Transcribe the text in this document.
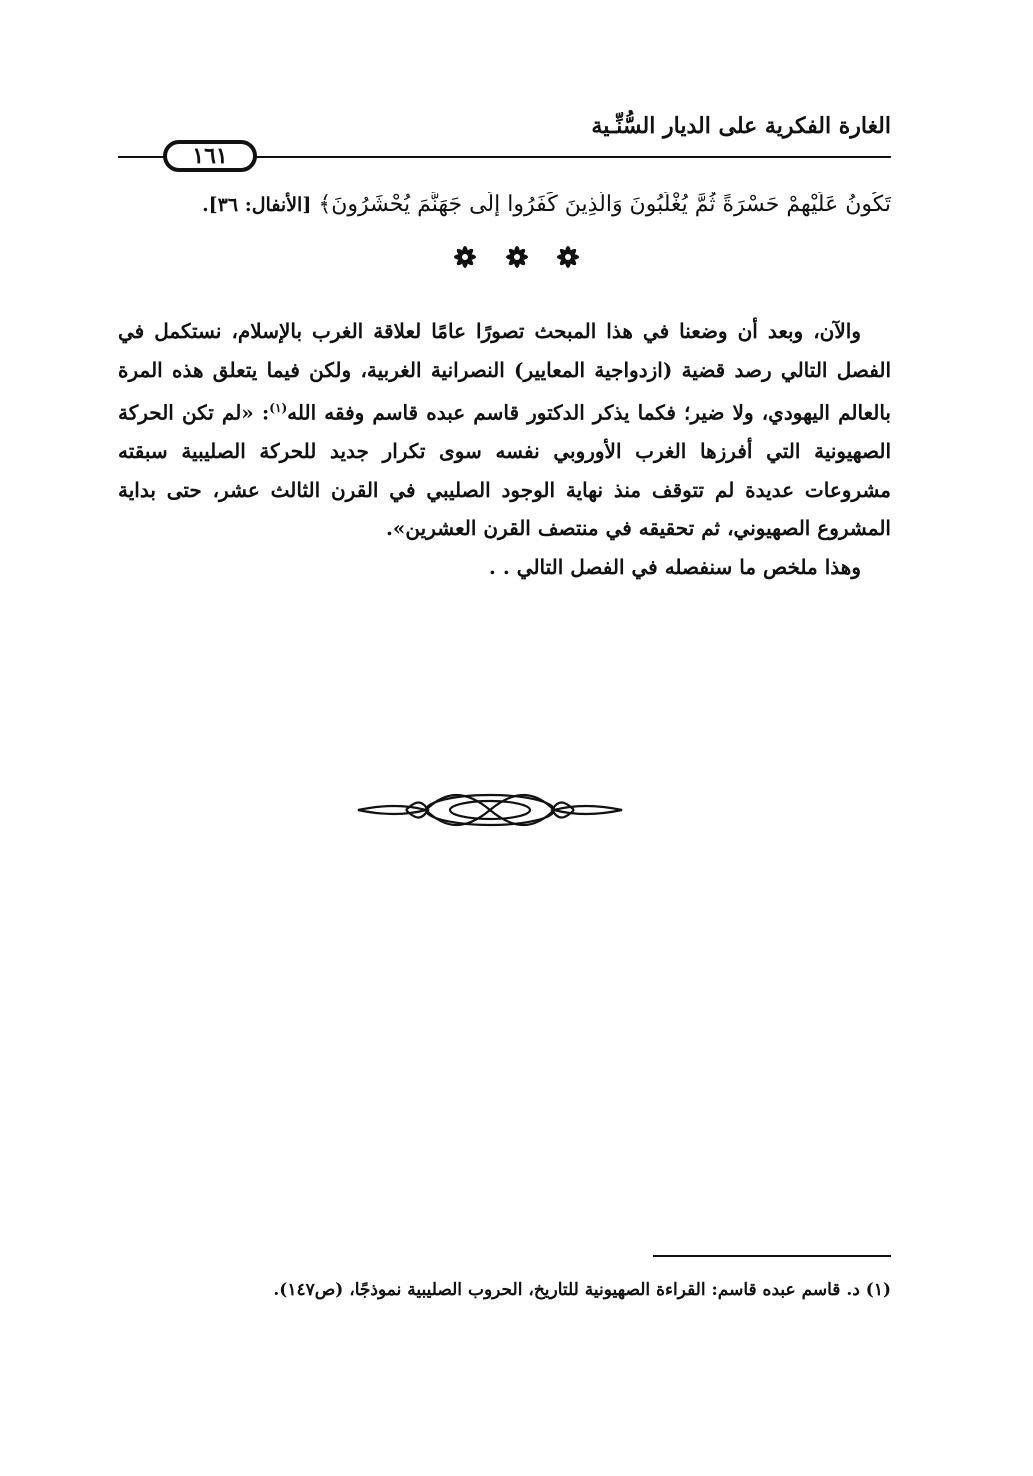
الغارة الفكرية على الديار السُّنِّـية
١٦١
تَكُونُ عَلَيْهِمْ حَسْرَةً ثُمَّ يُغْلَبُونَ وَالَّذِينَ كَفَرُوا إِلَى جَهَنَّمَ يُحْشَرُونَ﴾ [الأنفال: ٣٦].

والآن، وبعد أن وضعنا في هذا المبحث تصورًا عامًا لعلاقة الغرب بالإسلام، نستكمل في الفصل التالي رصد قضية (ازدواجية المعايير) النصرانية الغربية، ولكن فيما يتعلق هذه المرة بالعالم اليهودي، ولا ضير؛ فكما يذكر الدكتور قاسم عبده قاسم وفقه الله$^{(١)}$: «لم تكن الحركة الصهيونية التي أفرزها الغرب الأوروبي نفسه سوى تكرار جديد للحركة الصليبية سبقته مشروعات عديدة لم تتوقف منذ نهاية الوجود الصليبي في القرن الثالث عشر، حتى بداية المشروع الصهيوني، ثم تحقيقه في منتصف القرن العشرين».

وهذا ملخص ما سنفصله في الفصل التالي . .

(١) د. قاسم عبده قاسم: القراءة الصهيونية للتاريخ، الحروب الصليبية نموذجًا، (ص١٤٧).
